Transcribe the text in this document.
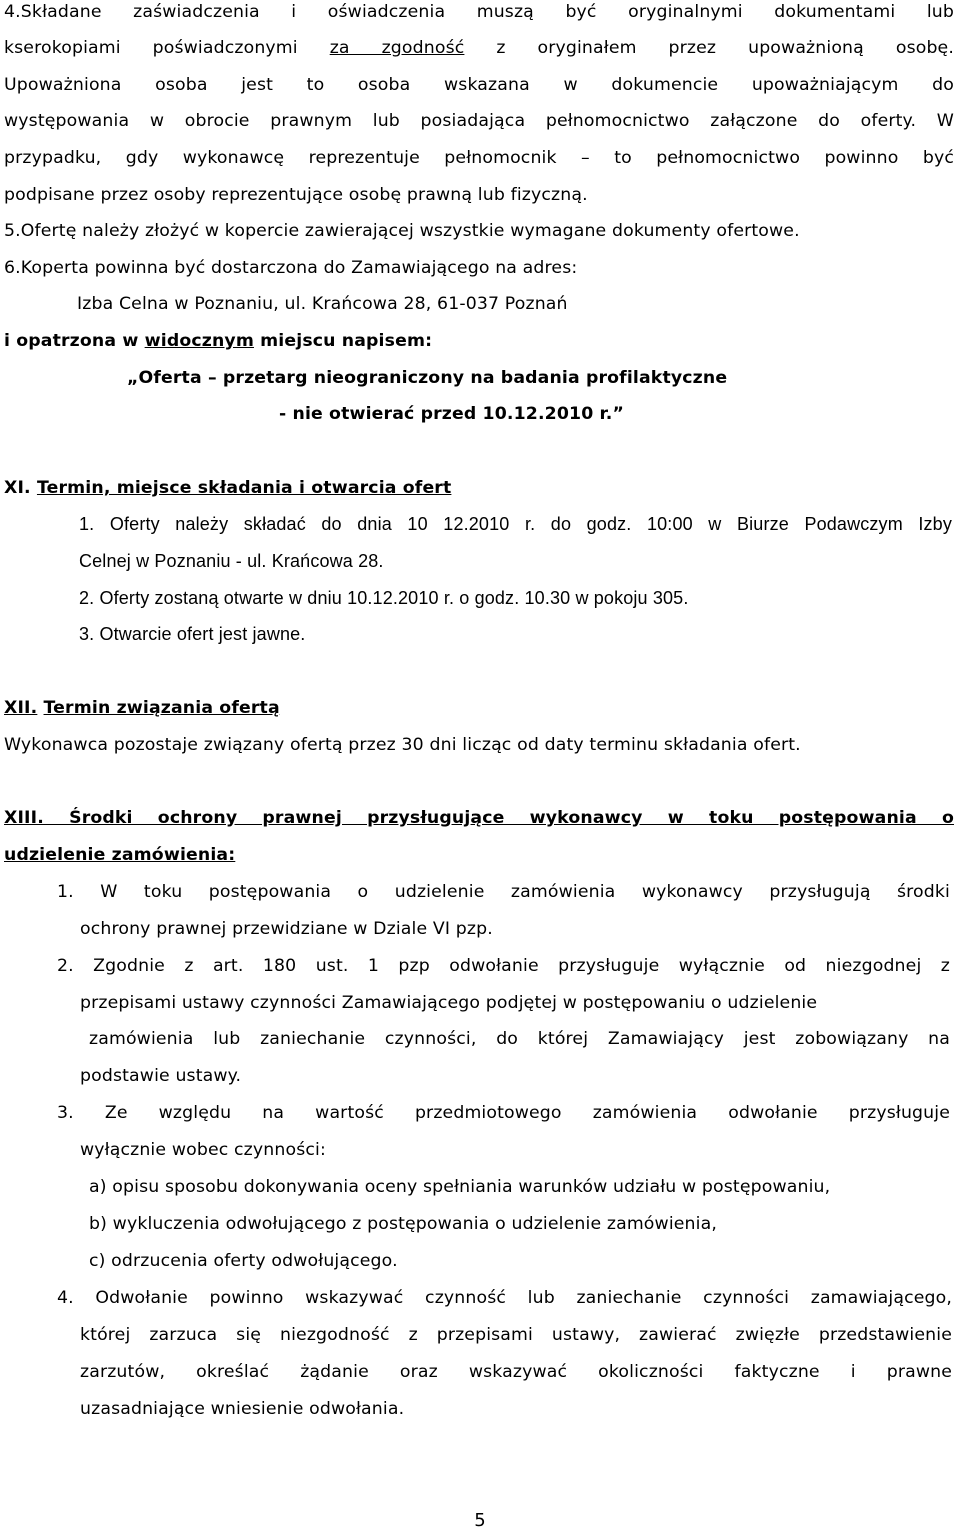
4.Składane zaświadczenia i oświadczenia muszą być oryginalnymi dokumentami lub
kserokopiami poświadczonymi za zgodność z oryginałem przez upoważnioną osobę.
Upoważniona osoba jest to osoba wskazana w dokumencie upoważniającym do
występowania w obrocie prawnym lub posiadająca pełnomocnictwo załączone do oferty. W
przypadku, gdy wykonawcę reprezentuje pełnomocnik – to pełnomocnictwo powinno być
podpisane przez osoby reprezentujące osobę prawną lub fizyczną.
5.Ofertę należy złożyć w kopercie zawierającej wszystkie wymagane dokumenty ofertowe.
6.Koperta powinna być dostarczona do Zamawiającego na adres:
Izba Celna w Poznaniu, ul. Krańcowa 28, 61-037 Poznań
i opatrzona w widocznym miejscu napisem:
„Oferta – przetarg nieograniczony na badania profilaktyczne
- nie otwierać przed 10.12.2010 r.”
XI. Termin, miejsce składania i otwarcia ofert
1. Oferty należy składać do dnia 10 12.2010 r. do godz. 10:00 w Biurze Podawczym Izby
Celnej w Poznaniu - ul. Krańcowa 28.
2. Oferty zostaną otwarte w dniu 10.12.2010 r. o godz. 10.30 w pokoju 305.
3. Otwarcie ofert jest jawne.
XII. Termin związania ofertą
Wykonawca pozostaje związany ofertą przez 30 dni licząc od daty terminu składania ofert.
XIII. Środki ochrony prawnej przysługujące wykonawcy w toku postępowania o
udzielenie zamówienia:
1. W toku postępowania o udzielenie zamówienia wykonawcy przysługują środki
ochrony prawnej przewidziane w Dziale VI pzp.
2. Zgodnie z art. 180 ust. 1 pzp odwołanie przysługuje wyłącznie od niezgodnej z
przepisami ustawy czynności Zamawiającego podjętej w postępowaniu o udzielenie
zamówienia lub zaniechanie czynności, do której Zamawiający jest zobowiązany na
podstawie ustawy.
3. Ze względu na wartość przedmiotowego zamówienia odwołanie przysługuje
wyłącznie wobec czynności:
a) opisu sposobu dokonywania oceny spełniania warunków udziału w postępowaniu,
b) wykluczenia odwołującego z postępowania o udzielenie zamówienia,
c) odrzucenia oferty odwołującego.
4. Odwołanie powinno wskazywać czynność lub zaniechanie czynności zamawiającego,
której zarzuca się niezgodność z przepisami ustawy, zawierać zwięzłe przedstawienie
zarzutów, określać żądanie oraz wskazywać okoliczności faktyczne i prawne
uzasadniające wniesienie odwołania.
5
